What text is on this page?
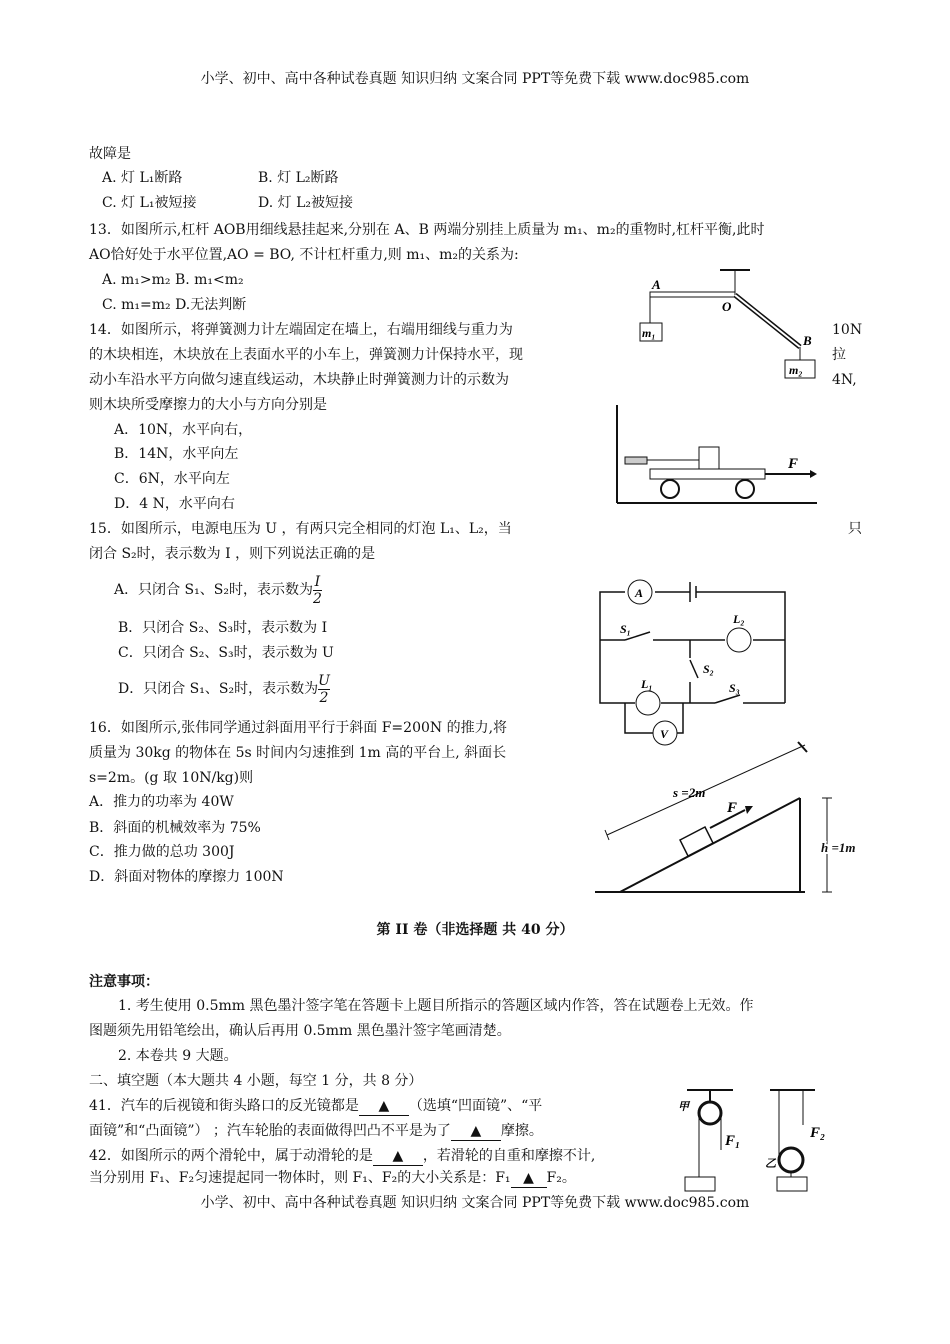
小学、初中、高中各种试卷真题 知识归纳 文案合同 PPT等免费下载 www.doc985.com
故障是
A. 灯 L₁断路	B. 灯 L₂断路
C. 灯 L₁被短接	D. 灯 L₂被短接
13．如图所示,杠杆 AOB用细线悬挂起来,分别在 A、B 两端分别挂上质量为 m₁、m₂的重物时,杠杆平衡,此时
AO恰好处于水平位置,AO = BO, 不计杠杆重力,则 m₁、m₂的关系为:
A. m₁>m₂ B. m₁<m₂
C. m₁=m₂ D.无法判断
14．如图所示，将弹簧测力计左端固定在墙上，右端用细线与重力为	10N
的木块相连，木块放在上表面水平的小车上，弹簧测力计保持水平，现	拉
动小车沿水平方向做匀速直线运动，木块静止时弹簧测力计的示数为	4N,
则木块所受摩擦力的大小与方向分别是
A．10N，水平向右，
B．14N，水平向左
C．6N，水平向左
D．4 N，水平向右
15．如图所示，电源电压为 U ，有两只完全相同的灯泡 L₁、L₂，当	只
闭合 S₂时，表示数为 I ，则下列说法正确的是
A．只闭合 S₁、S₂时，表示数为 $\frac{I}{2}$
B．只闭合 S₂、S₃时，表示数为 I
C．只闭合 S₂、S₃时，表示数为 U
D．只闭合 S₁、S₂时，表示数为 $\frac{U}{2}$
16．如图所示,张伟同学通过斜面用平行于斜面 F=200N 的推力,将
质量为 30kg 的物体在 5s 时间内匀速推到 1m 高的平台上, 斜面长
s=2m。(g 取 10N/kg)则
A．推力的功率为 40W
B．斜面的机械效率为 75%
C．推力做的总功 300J
D．斜面对物体的摩擦力 100N
第 II 卷（非选择题 共 40 分）
注意事项：
1. 考生使用 0.5mm 黑色墨汁签字笔在答题卡上题目所指示的答题区域内作答，答在试题卷上无效。作
图题须先用铅笔绘出，确认后再用 0.5mm 黑色墨汁签字笔画清楚。
2. 本卷共 9 大题。
二、填空题（本大题共 4 小题，每空 1 分，共 8 分）
41．汽车的后视镜和街头路口的反光镜都是 ▲ （选填“凹面镜”、“平
面镜”和“凸面镜”） ；汽车轮胎的表面做得凹凸不平是为了 ▲ 摩擦。
42．如图所示的两个滑轮中，属于动滑轮的是 ▲ ，若滑轮的自重和摩擦不计,
当分别用 F₁、F₂匀速提起同一物体时，则 F₁、F₂的大小关系是：F₁ ▲ F₂。
小学、初中、高中各种试卷真题 知识归纳 文案合同 PPT等免费下载 www.doc985.com
A
O
B
m₁
m₂
F
A
S₁
L₂
S₂
L₁	S₃
V
s =2m
F
h =1m
甲
F₁
乙
F₂
